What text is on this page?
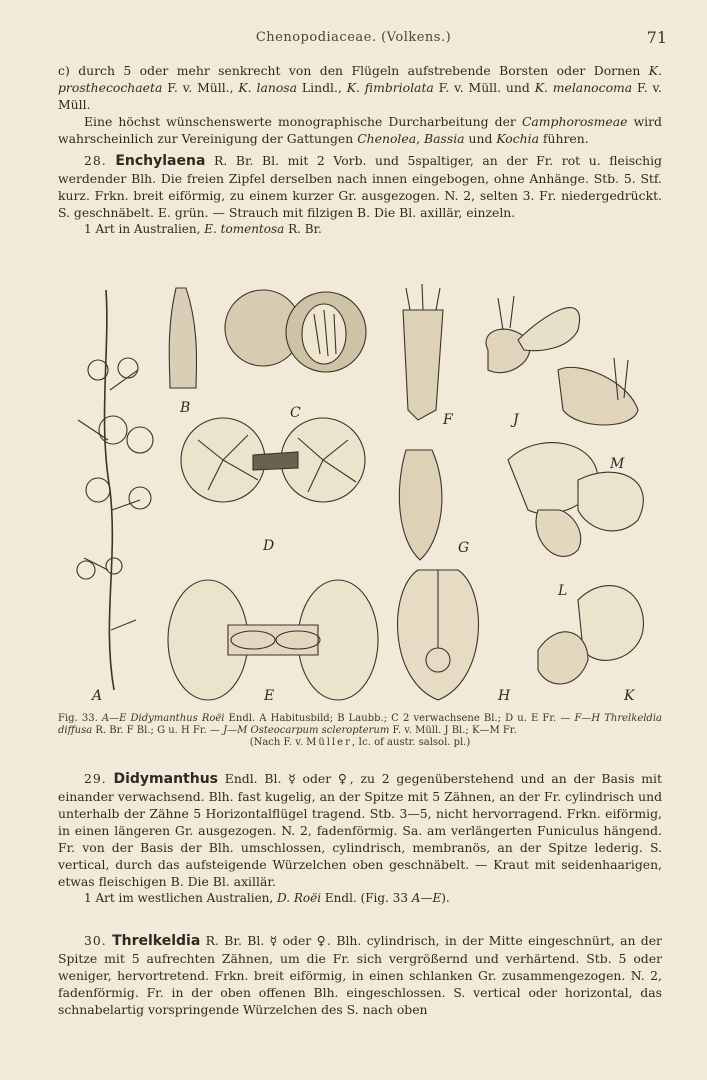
Chenopodiaceae. (Volkens.)	71

c) durch 5 oder mehr senkrecht von den Flügeln aufstrebende Borsten oder Dornen K. prosthecochaeta F. v. Müll., K. lanosa Lindl., K. fimbriolata F. v. Müll. und K. melanocoma F. v. Müll.

Eine höchst wünschenswerte monographische Durcharbeitung der Camphorosmeae wird wahrscheinlich zur Vereinigung der Gattungen Chenolea, Bassia und Kochia führen.

28. Enchylaena R. Br. Bl. mit 2 Vorb. und 5spaltiger, an der Fr. rot u. fleischig werdender Blh. Die freien Zipfel derselben nach innen eingebogen, ohne Anhänge. Stb. 5. Stf. kurz. Frkn. breit eiförmig, zu einem kurzer Gr. ausgezogen. N. 2, selten 3. Fr. niedergedrückt. S. geschnäbelt. E. grün. — Strauch mit filzigen B. Die Bl. axillär, einzeln.

1 Art in Australien, E. tomentosa R. Br.

A
B	C
D
E
F
G
H
J
K
L
M
Fig. 33. A—E Didymanthus Roëi Endl. A Habitusbild; B Laubb.; C 2 verwachsene Bl.; D u. E Fr. — F—H Threlkeldia diffusa R. Br. F Bl.; G u. H Fr. — J—M Osteocarpum scleropterum F. v. Müll. J Bl.; K—M Fr.
(Nach F. v. Müller, Ic. of austr. salsol. pl.)

29. Didymanthus Endl. Bl. ☿ oder ♀, zu 2 gegenüberstehend und an der Basis mit einander verwachsend. Blh. fast kugelig, an der Spitze mit 5 Zähnen, an der Fr. cylindrisch und unterhalb der Zähne 5 Horizontalflügel tragend. Stb. 3—5, nicht hervorragend. Frkn. eiförmig, in einen längeren Gr. ausgezogen. N. 2, fadenförmig. Sa. am verlängerten Funiculus hängend. Fr. von der Basis der Blh. umschlossen, cylindrisch, membranös, an der Spitze lederig. S. vertical, durch das aufsteigende Würzelchen oben geschnäbelt. — Kraut mit seidenhaarigen, etwas fleischigen B. Die Bl. axillär.

1 Art im westlichen Australien, D. Roëi Endl. (Fig. 33 A—E).

30. Threlkeldia R. Br. Bl. ☿ oder ♀. Blh. cylindrisch, in der Mitte eingeschnürt, an der Spitze mit 5 aufrechten Zähnen, um die Fr. sich vergrößernd und verhärtend. Stb. 5 oder weniger, hervortretend. Frkn. breit eiförmig, in einen schlanken Gr. zusammengezogen. N. 2, fadenförmig. Fr. in der oben offenen Blh. eingeschlossen. S. vertical oder horizontal, das schnabelartig vorspringende Würzelchen des S. nach oben
